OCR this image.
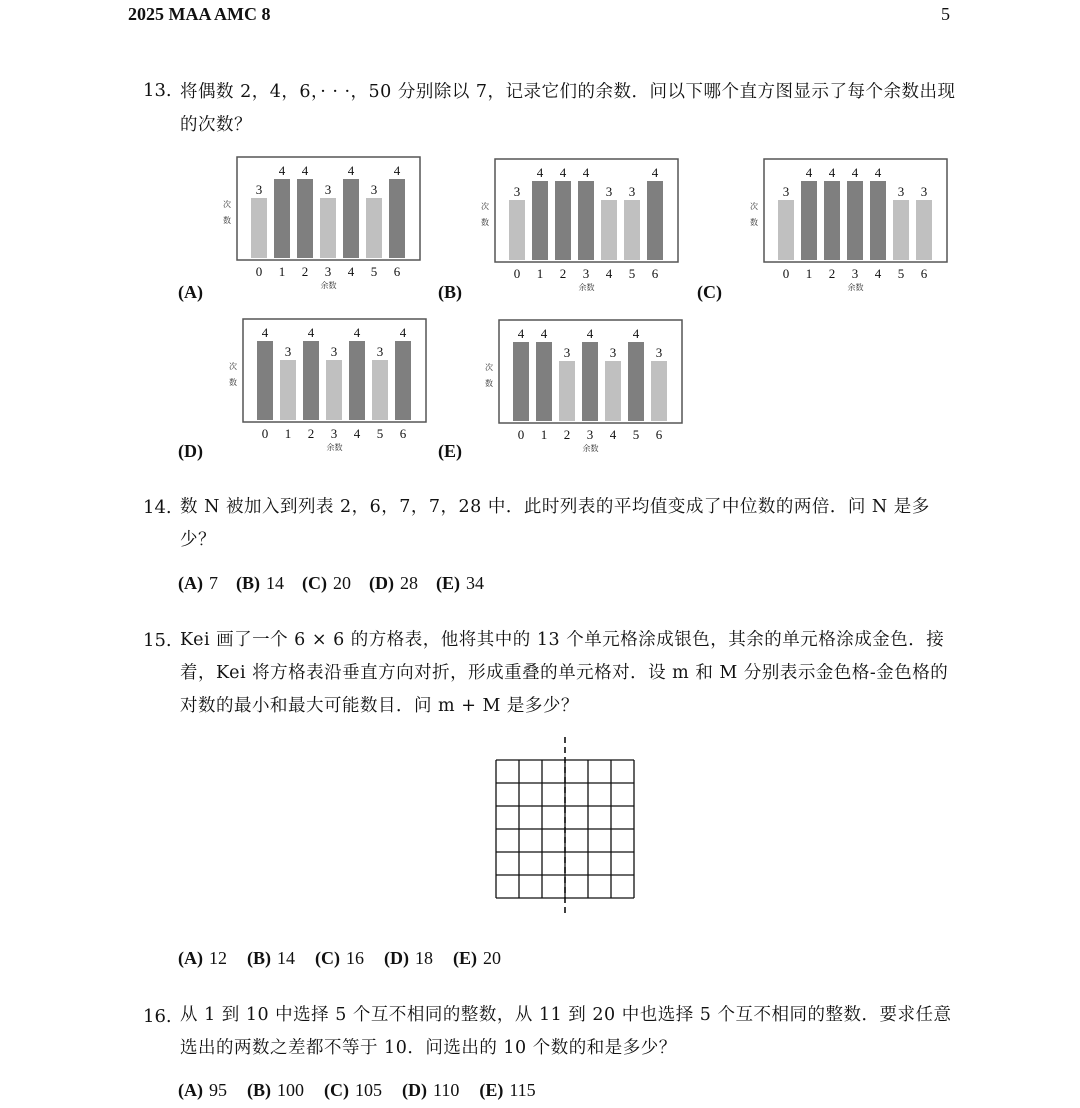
2025 MAA AMC 8	5
13. 将偶数 2，4，6，· · ·，50 分别除以 7，记录它们的余数．问以下哪个直方图显示了每个余数出现的次数？
次
数
3
0
4
1
4
2
3
3
4
4
3
5
4
6
余数
次
数
3
0
4
1
4
2
4
3
3
4
3
5
4
6
余数
次
数
3
0
4
1
4
2
4
3
4
4
3
5
3
6
余数
次
数
4
0
3
1
4
2
3
3
4
4
3
5
4
6
余数
次
数
4
0
4
1
3
2
4
3
3
4
4
5
3
6
余数
(A)	(B)	(C)
(D)	(E)
14. 数 N 被加入到列表 2，6，7，7，28 中．此时列表的平均值变成了中位数的两倍．问 N 是多少？
(A) 7 (B) 14 (C) 20 (D) 28 (E) 34
15. Kei 画了一个 6 × 6 的方格表，他将其中的 13 个单元格涂成银色，其余的单元格涂成金色．接着，Kei 将方格表沿垂直方向对折，形成重叠的单元格对．设 m 和 M 分别表示金色格-金色格的对数的最小和最大可能数目．问 m + M 是多少？
(A) 12 (B) 14 (C) 16 (D) 18 (E) 20
16. 从 1 到 10 中选择 5 个互不相同的整数，从 11 到 20 中也选择 5 个互不相同的整数．要求任意选出的两数之差都不等于 10．问选出的 10 个数的和是多少？
(A) 95 (B) 100 (C) 105 (D) 110 (E) 115
